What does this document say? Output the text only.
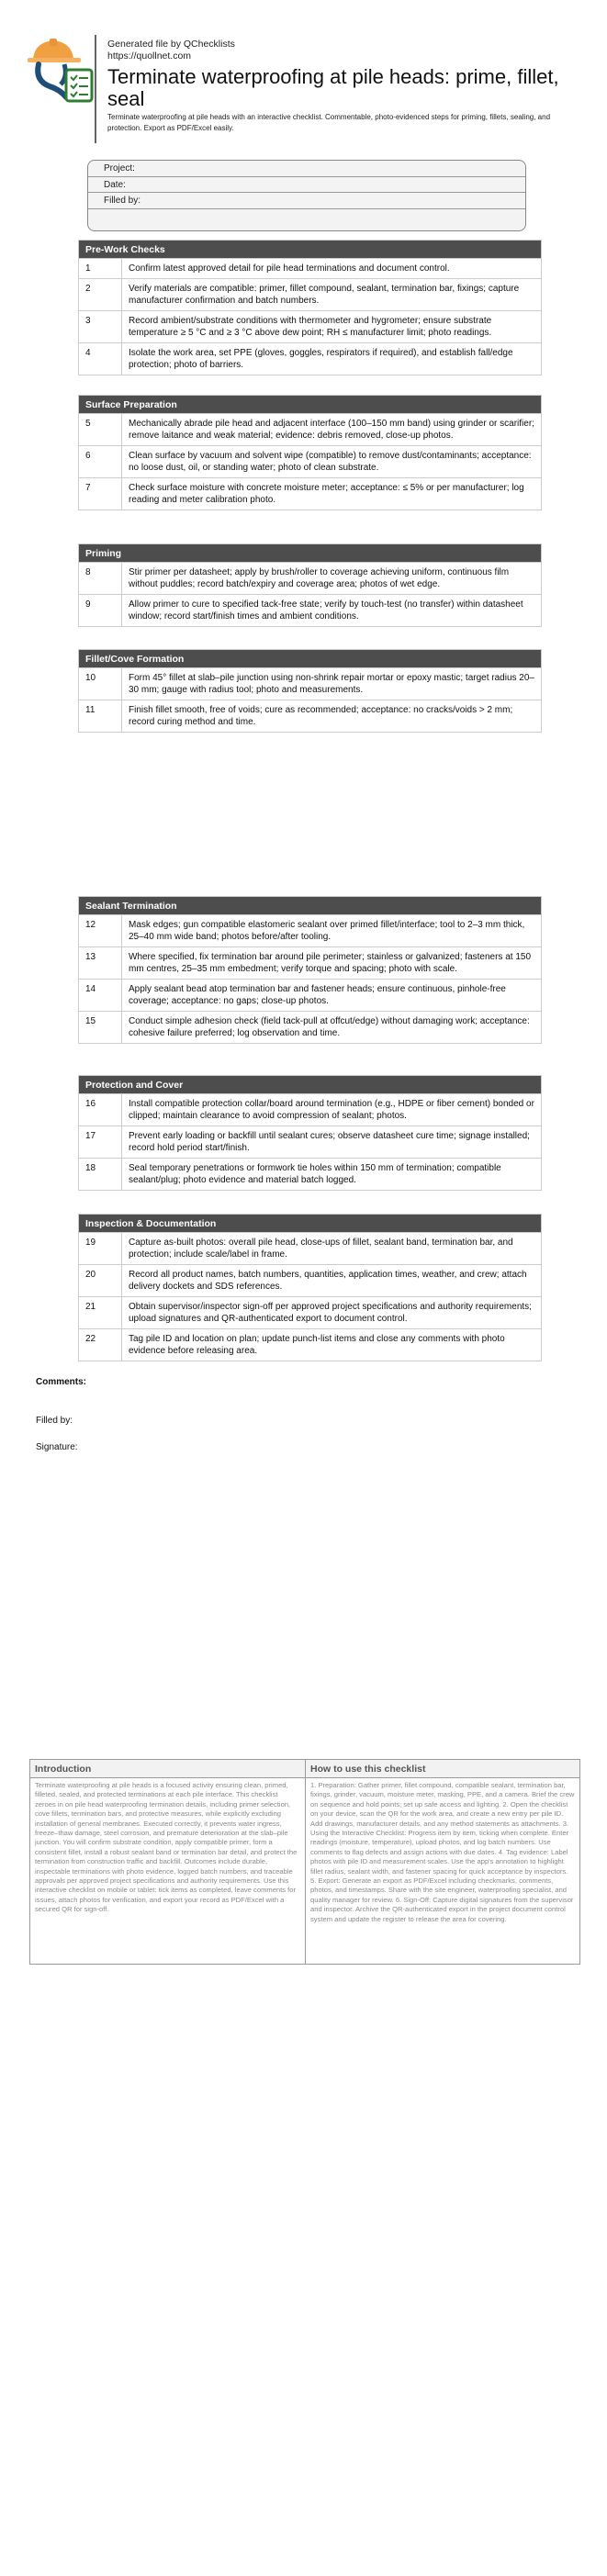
Generated file by QChecklists
https://quollnet.com
Terminate waterproofing at pile heads: prime, fillet, seal
Terminate waterproofing at pile heads with an interactive checklist. Commentable, photo-evidenced steps for priming, fillets, sealing, and protection. Export as PDF/Excel easily.
Project:
Date:
Filled by:
Pre-Work Checks
1	Confirm latest approved detail for pile head terminations and document control.
2	Verify materials are compatible: primer, fillet compound, sealant, termination bar, fixings; capture manufacturer confirmation and batch numbers.
3	Record ambient/substrate conditions with thermometer and hygrometer; ensure substrate temperature ≥ 5 °C and ≥ 3 °C above dew point; RH ≤ manufacturer limit; photo readings.
4	Isolate the work area, set PPE (gloves, goggles, respirators if required), and establish fall/edge protection; photo of barriers.
Surface Preparation
5	Mechanically abrade pile head and adjacent interface (100–150 mm band) using grinder or scarifier; remove laitance and weak material; evidence: debris removed, close-up photos.
6	Clean surface by vacuum and solvent wipe (compatible) to remove dust/contaminants; acceptance: no loose dust, oil, or standing water; photo of clean substrate.
7	Check surface moisture with concrete moisture meter; acceptance: ≤ 5% or per manufacturer; log reading and meter calibration photo.
Priming
8	Stir primer per datasheet; apply by brush/roller to coverage achieving uniform, continuous film without puddles; record batch/expiry and coverage area; photos of wet edge.
9	Allow primer to cure to specified tack-free state; verify by touch-test (no transfer) within datasheet window; record start/finish times and ambient conditions.
Fillet/Cove Formation
10	Form 45° fillet at slab–pile junction using non-shrink repair mortar or epoxy mastic; target radius 20–30 mm; gauge with radius tool; photo and measurements.
11	Finish fillet smooth, free of voids; cure as recommended; acceptance: no cracks/voids > 2 mm; record curing method and time.
Sealant Termination
12	Mask edges; gun compatible elastomeric sealant over primed fillet/interface; tool to 2–3 mm thick, 25–40 mm wide band; photos before/after tooling.
13	Where specified, fix termination bar around pile perimeter; stainless or galvanized; fasteners at 150 mm centres, 25–35 mm embedment; verify torque and spacing; photo with scale.
14	Apply sealant bead atop termination bar and fastener heads; ensure continuous, pinhole-free coverage; acceptance: no gaps; close-up photos.
15	Conduct simple adhesion check (field tack-pull at offcut/edge) without damaging work; acceptance: cohesive failure preferred; log observation and time.
Protection and Cover
16	Install compatible protection collar/board around termination (e.g., HDPE or fiber cement) bonded or clipped; maintain clearance to avoid compression of sealant; photos.
17	Prevent early loading or backfill until sealant cures; observe datasheet cure time; signage installed; record hold period start/finish.
18	Seal temporary penetrations or formwork tie holes within 150 mm of termination; compatible sealant/plug; photo evidence and material batch logged.
Inspection & Documentation
19	Capture as-built photos: overall pile head, close-ups of fillet, sealant band, termination bar, and protection; include scale/label in frame.
20	Record all product names, batch numbers, quantities, application times, weather, and crew; attach delivery dockets and SDS references.
21	Obtain supervisor/inspector sign-off per approved project specifications and authority requirements; upload signatures and QR-authenticated export to document control.
22	Tag pile ID and location on plan; update punch-list items and close any comments with photo evidence before releasing area.
Comments:
Filled by:
Signature:
Introduction
Terminate waterproofing at pile heads is a focused activity ensuring clean, primed, filleted, sealed, and protected terminations at each pile interface. This checklist zeroes in on pile head waterproofing termination details, including primer selection, cove fillets, termination bars, and protective measures, while explicitly excluding installation of general membranes. Executed correctly, it prevents water ingress, freeze–thaw damage, steel corrosion, and premature deterioration at the slab–pile junction. You will confirm substrate condition, apply compatible primer, form a consistent fillet, install a robust sealant band or termination bar detail, and protect the termination from construction traffic and backfill. Outcomes include durable, inspectable terminations with photo evidence, logged batch numbers, and traceable approvals per approved project specifications and authority requirements. Use this interactive checklist on mobile or tablet: tick items as completed, leave comments for issues, attach photos for verification, and export your record as PDF/Excel with a secured QR for sign-off.
How to use this checklist
1. Preparation: Gather primer, fillet compound, compatible sealant, termination bar, fixings, grinder, vacuum, moisture meter, masking, PPE, and a camera. Brief the crew on sequence and hold points; set up safe access and lighting. 2. Open the checklist on your device, scan the QR for the work area, and create a new entry per pile ID. Add drawings, manufacturer details, and any method statements as attachments. 3. Using the Interactive Checklist: Progress item by item, ticking when complete. Enter readings (moisture, temperature), upload photos, and log batch numbers. Use comments to flag defects and assign actions with due dates. 4. Tag evidence: Label photos with pile ID and measurement scales. Use the app's annotation to highlight fillet radius, sealant width, and fastener spacing for quick acceptance by inspectors. 5. Export: Generate an export as PDF/Excel including checkmarks, comments, photos, and timestamps. Share with the site engineer, waterproofing specialist, and quality manager for review. 6. Sign-Off: Capture digital signatures from the supervisor and inspector. Archive the QR-authenticated export in the project document control system and update the register to release the area for covering.
